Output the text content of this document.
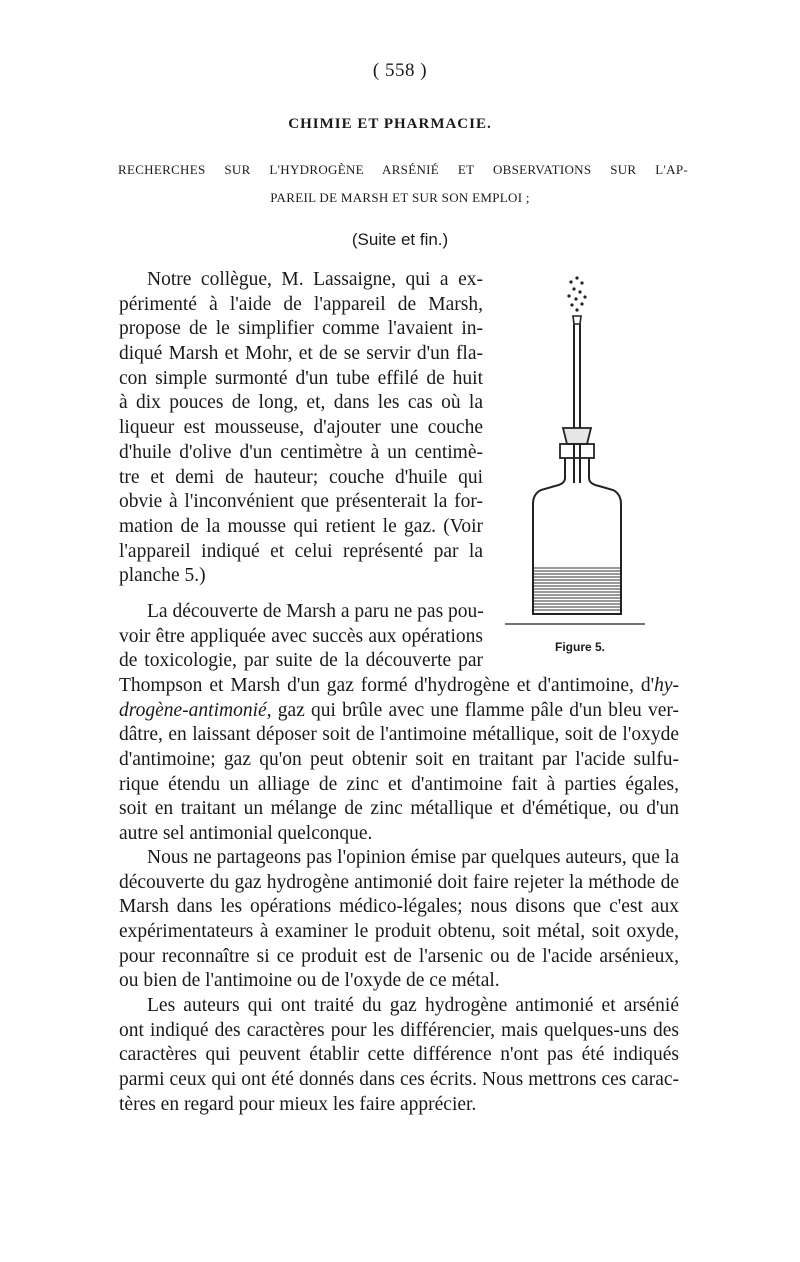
( 558 )
CHIMIE ET PHARMACIE.
RECHERCHES SUR L'HYDROGÈNE ARSÉNIÉ ET OBSERVATIONS SUR L'AP-
PAREIL DE MARSH ET SUR SON EMPLOI ;
(Suite et fin.)
Notre collègue, M. Lassaigne, qui a ex-
périmenté à l'aide de l'appareil de Marsh,
propose de le simplifier comme l'avaient in-
diqué Marsh et Mohr, et de se servir d'un fla-
con simple surmonté d'un tube effilé de huit
à dix pouces de long, et, dans les cas où la
liqueur est mousseuse, d'ajouter une couche
d'huile d'olive d'un centimètre à un centimè-
tre et demi de hauteur; couche d'huile qui
obvie à l'inconvénient que présenterait la for-
mation de la mousse qui retient le gaz. (Voir
l'appareil indiqué et celui représenté par la
planche 5.)
La découverte de Marsh a paru ne pas pou-
voir être appliquée avec succès aux opérations
de toxicologie, par suite de la découverte par
Thompson et Marsh d'un gaz formé d'hydrogène et d'antimoine, d'hy-
drogène-antimonié, gaz qui brûle avec une flamme pâle d'un bleu ver-
dâtre, en laissant déposer soit de l'antimoine métallique, soit de l'oxyde
d'antimoine; gaz qu'on peut obtenir soit en traitant par l'acide sulfu-
rique étendu un alliage de zinc et d'antimoine fait à parties égales,
soit en traitant un mélange de zinc métallique et d'émétique, ou d'un
autre sel antimonial quelconque.
Nous ne partageons pas l'opinion émise par quelques auteurs, que la
découverte du gaz hydrogène antimonié doit faire rejeter la méthode de
Marsh dans les opérations médico-légales; nous disons que c'est aux
expérimentateurs à examiner le produit obtenu, soit métal, soit oxyde,
pour reconnaître si ce produit est de l'arsenic ou de l'acide arsénieux,
ou bien de l'antimoine ou de l'oxyde de ce métal.
Les auteurs qui ont traité du gaz hydrogène antimonié et arsénié
ont indiqué des caractères pour les différencier, mais quelques-uns des
caractères qui peuvent établir cette différence n'ont pas été indiqués
parmi ceux qui ont été donnés dans ces écrits. Nous mettrons ces carac-
tères en regard pour mieux les faire apprécier.
Figure 5.
